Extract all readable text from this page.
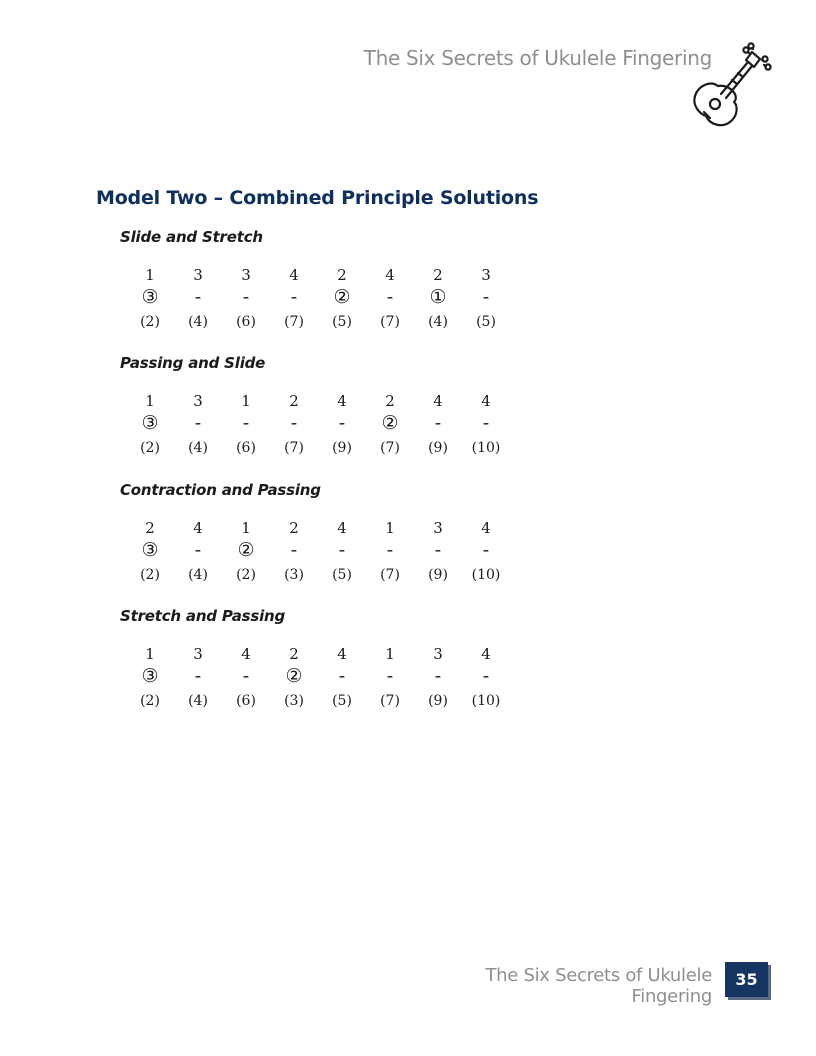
The Six Secrets of Ukulele Fingering
Model Two – Combined Principle Solutions
Slide and Stretch
1	3	3	4	2	4	2	3
③	-	-	-	②	-	①	-
(2)	(4)	(6)	(7)	(5)	(7)	(4)	(5)
Passing and Slide
1	3	1	2	4	2	4	4
③	-	-	-	-	②	-	-
(2)	(4)	(6)	(7)	(9)	(7)	(9)	(10)
Contraction and Passing
2	4	1	2	4	1	3	4
③	-	②	-	-	-	-	-
(2)	(4)	(2)	(3)	(5)	(7)	(9)	(10)
Stretch and Passing
1	3	4	2	4	1	3	4
③	-	-	②	-	-	-	-
(2)	(4)	(6)	(3)	(5)	(7)	(9)	(10)
The Six Secrets of Ukulele Fingering
35
